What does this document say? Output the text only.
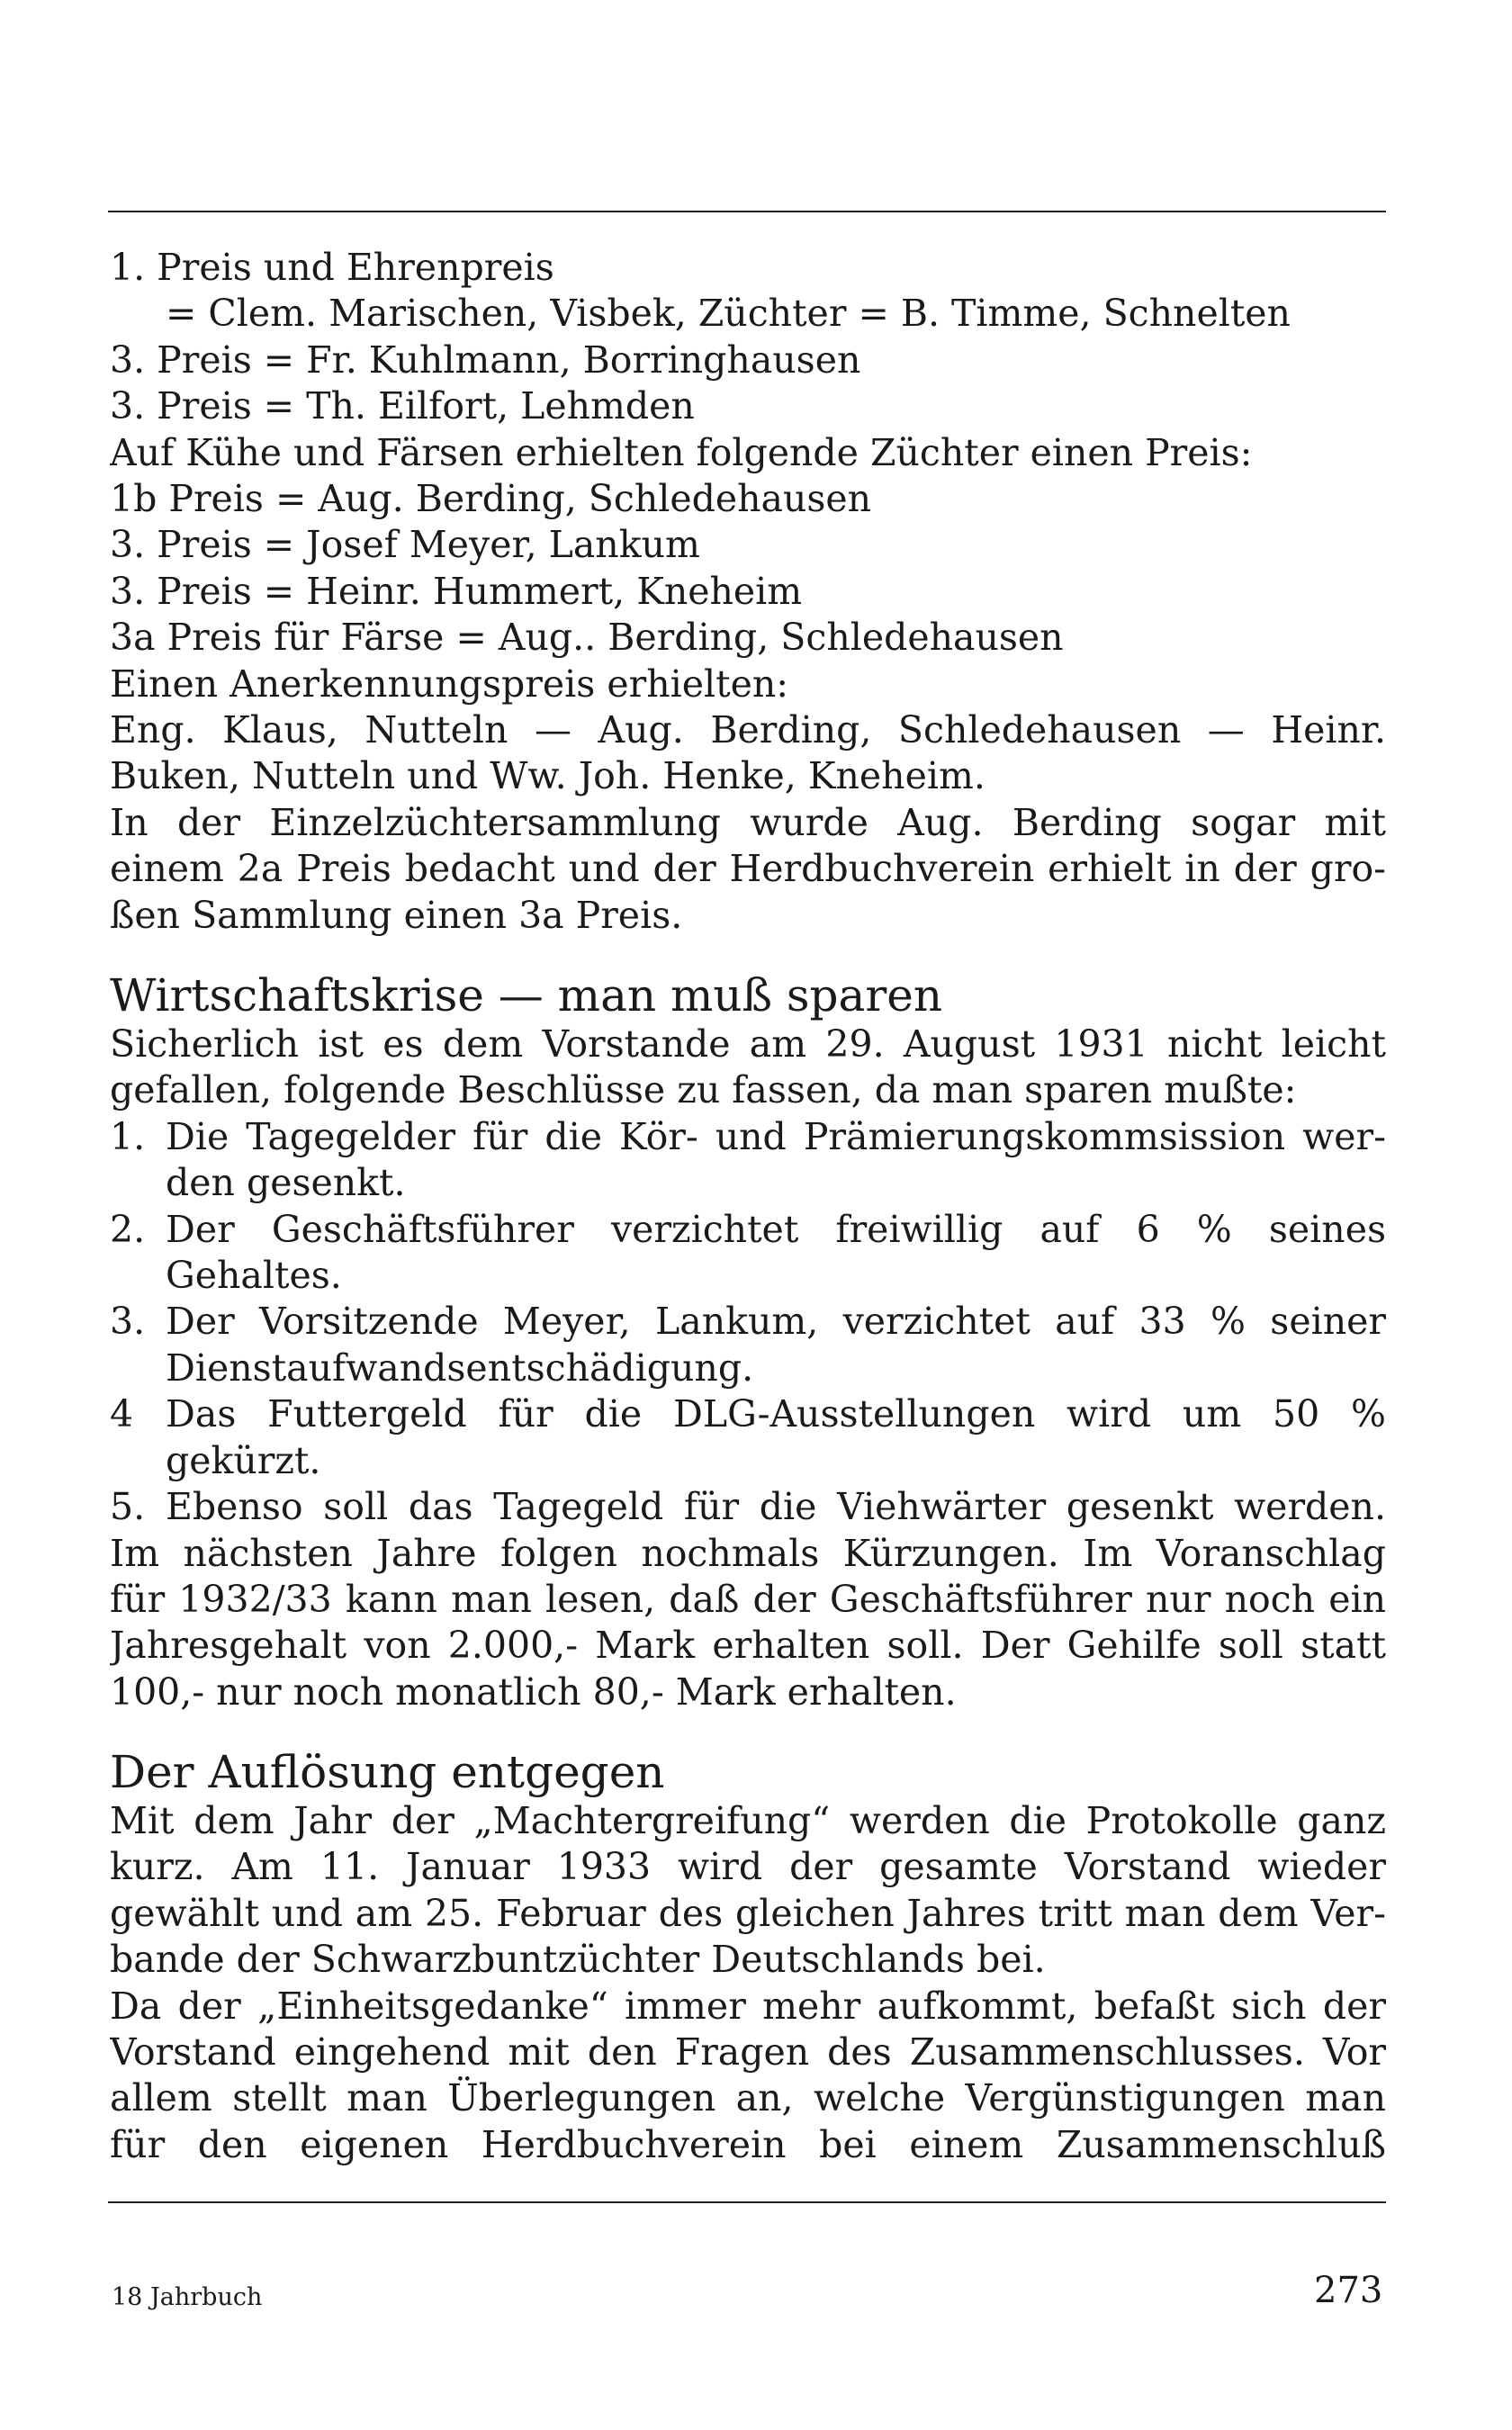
1. Preis und Ehrenpreis
= Clem. Marischen, Visbek, Züchter = B. Timme, Schnelten
3. Preis = Fr. Kuhlmann, Borringhausen
3. Preis = Th. Eilfort, Lehmden
Auf Kühe und Färsen erhielten folgende Züchter einen Preis:
1b Preis = Aug. Berding, Schledehausen
3. Preis = Josef Meyer, Lankum
3. Preis = Heinr. Hummert, Kneheim
3a Preis für Färse = Aug.. Berding, Schledehausen
Einen Anerkennungspreis erhielten:
Eng. Klaus, Nutteln — Aug. Berding, Schledehausen — Heinr.
Buken, Nutteln und Ww. Joh. Henke, Kneheim.
In der Einzelzüchtersammlung wurde Aug. Berding sogar mit
einem 2a Preis bedacht und der Herdbuchverein erhielt in der gro-
ßen Sammlung einen 3a Preis.
Wirtschaftskrise — man muß sparen
Sicherlich ist es dem Vorstande am 29. August 1931 nicht leicht
gefallen, folgende Beschlüsse zu fassen, da man sparen mußte:
1. Die Tagegelder für die Kör- und Prämierungskommsission wer-
den gesenkt.
2. Der Geschäftsführer verzichtet freiwillig auf 6 % seines
Gehaltes.
3. Der Vorsitzende Meyer, Lankum, verzichtet auf 33 % seiner
Dienstaufwandsentschädigung.
4 Das Futtergeld für die DLG-Ausstellungen wird um 50 %
gekürzt.
5. Ebenso soll das Tagegeld für die Viehwärter gesenkt werden.
Im nächsten Jahre folgen nochmals Kürzungen. Im Voranschlag
für 1932/33 kann man lesen, daß der Geschäftsführer nur noch ein
Jahresgehalt von 2.000,- Mark erhalten soll. Der Gehilfe soll statt
100,- nur noch monatlich 80,- Mark erhalten.
Der Auflösung entgegen
Mit dem Jahr der „Machtergreifung“ werden die Protokolle ganz
kurz. Am 11. Januar 1933 wird der gesamte Vorstand wieder
gewählt und am 25. Februar des gleichen Jahres tritt man dem Ver-
bande der Schwarzbuntzüchter Deutschlands bei.
Da der „Einheitsgedanke“ immer mehr aufkommt, befaßt sich der
Vorstand eingehend mit den Fragen des Zusammenschlusses. Vor
allem stellt man Überlegungen an, welche Vergünstigungen man
für den eigenen Herdbuchverein bei einem Zusammenschluß
18 Jahrbuch	273
